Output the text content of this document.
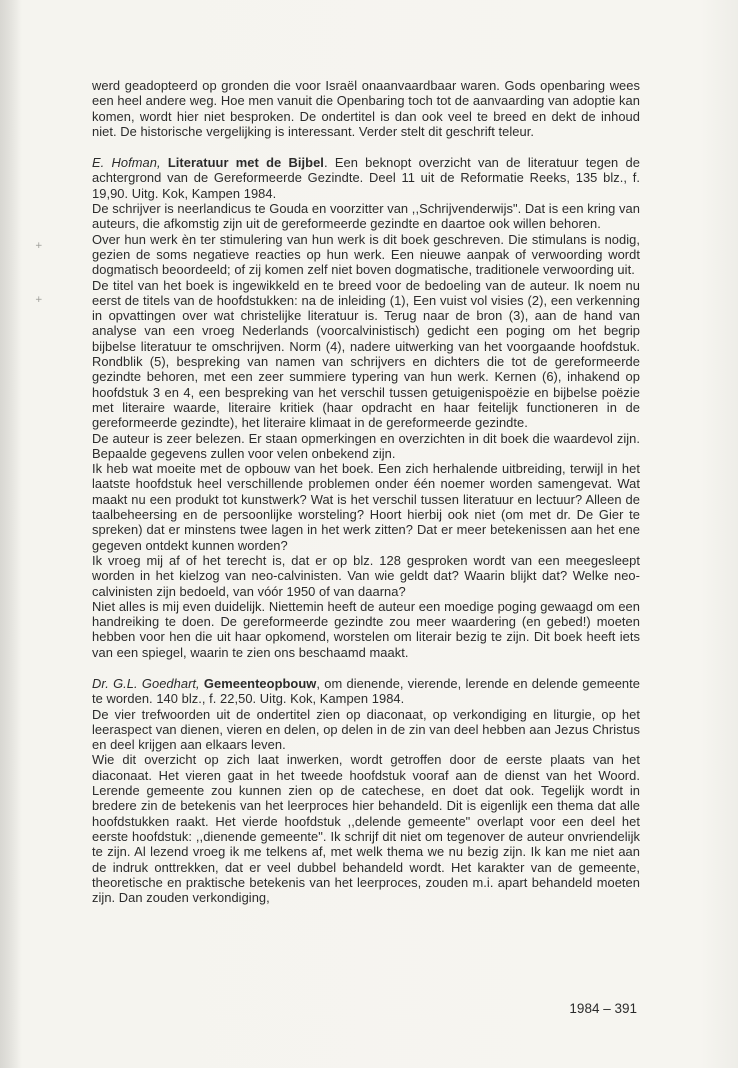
+
+

werd geadopteerd op gronden die voor Israël onaanvaardbaar waren. Gods openbaring wees een heel andere weg. Hoe men vanuit die Openbaring toch tot de aanvaarding van adoptie kan komen, wordt hier niet besproken. De ondertitel is dan ook veel te breed en dekt de inhoud niet. De historische vergelijking is interessant. Verder stelt dit geschrift teleur.

E. Hofman, Literatuur met de Bijbel. Een beknopt overzicht van de literatuur tegen de achtergrond van de Gereformeerde Gezindte. Deel 11 uit de Reformatie Reeks, 135 blz., f. 19,90. Uitg. Kok, Kampen 1984.

De schrijver is neerlandicus te Gouda en voorzitter van ,,Schrijvenderwijs". Dat is een kring van auteurs, die afkomstig zijn uit de gereformeerde gezindte en daartoe ook willen behoren.

Over hun werk èn ter stimulering van hun werk is dit boek geschreven. Die stimulans is nodig, gezien de soms negatieve reacties op hun werk. Een nieuwe aanpak of verwoording wordt dogmatisch beoordeeld; of zij komen zelf niet boven dogmatische, traditionele verwoording uit.

De titel van het boek is ingewikkeld en te breed voor de bedoeling van de auteur. Ik noem nu eerst de titels van de hoofdstukken: na de inleiding (1), Een vuist vol visies (2), een verkenning in opvattingen over wat christelijke literatuur is. Terug naar de bron (3), aan de hand van analyse van een vroeg Nederlands (voorcalvinistisch) gedicht een poging om het begrip bijbelse literatuur te omschrijven. Norm (4), nadere uitwerking van het voorgaande hoofdstuk. Rondblik (5), bespreking van namen van schrijvers en dichters die tot de gereformeerde gezindte behoren, met een zeer summiere typering van hun werk. Kernen (6), inhakend op hoofdstuk 3 en 4, een bespreking van het verschil tussen getuigenispoëzie en bijbelse poëzie met literaire waarde, literaire kritiek (haar opdracht en haar feitelijk functioneren in de gereformeerde gezindte), het literaire klimaat in de gereformeerde gezindte.

De auteur is zeer belezen. Er staan opmerkingen en overzichten in dit boek die waardevol zijn. Bepaalde gegevens zullen voor velen onbekend zijn.

Ik heb wat moeite met de opbouw van het boek. Een zich herhalende uitbreiding, terwijl in het laatste hoofdstuk heel verschillende problemen onder één noemer worden samengevat. Wat maakt nu een produkt tot kunstwerk? Wat is het verschil tussen literatuur en lectuur? Alleen de taalbeheersing en de persoonlijke worsteling? Hoort hierbij ook niet (om met dr. De Gier te spreken) dat er minstens twee lagen in het werk zitten? Dat er meer betekenissen aan het ene gegeven ontdekt kunnen worden?

Ik vroeg mij af of het terecht is, dat er op blz. 128 gesproken wordt van een meegesleept worden in het kielzog van neo-calvinisten. Van wie geldt dat? Waarin blijkt dat? Welke neo-calvinisten zijn bedoeld, van vóór 1950 of van daarna?

Niet alles is mij even duidelijk. Niettemin heeft de auteur een moedige poging gewaagd om een handreiking te doen. De gereformeerde gezindte zou meer waardering (en gebed!) moeten hebben voor hen die uit haar opkomend, worstelen om literair bezig te zijn. Dit boek heeft iets van een spiegel, waarin te zien ons beschaamd maakt.

Dr. G.L. Goedhart, Gemeenteopbouw, om dienende, vierende, lerende en delende gemeente te worden. 140 blz., f. 22,50. Uitg. Kok, Kampen 1984.

De vier trefwoorden uit de ondertitel zien op diaconaat, op verkondiging en liturgie, op het leeraspect van dienen, vieren en delen, op delen in de zin van deel hebben aan Jezus Christus en deel krijgen aan elkaars leven.

Wie dit overzicht op zich laat inwerken, wordt getroffen door de eerste plaats van het diaconaat. Het vieren gaat in het tweede hoofdstuk vooraf aan de dienst van het Woord. Lerende gemeente zou kunnen zien op de catechese, en doet dat ook. Tegelijk wordt in bredere zin de betekenis van het leerproces hier behandeld. Dit is eigenlijk een thema dat alle hoofdstukken raakt. Het vierde hoofdstuk ,,delende gemeente" overlapt voor een deel het eerste hoofdstuk: ,,dienende gemeente". Ik schrijf dit niet om tegenover de auteur onvriendelijk te zijn. Al lezend vroeg ik me telkens af, met welk thema we nu bezig zijn. Ik kan me niet aan de indruk onttrekken, dat er veel dubbel behandeld wordt. Het karakter van de gemeente, theoretische en praktische betekenis van het leerproces, zouden m.i. apart behandeld moeten zijn. Dan zouden verkondiging,

1984 – 391
